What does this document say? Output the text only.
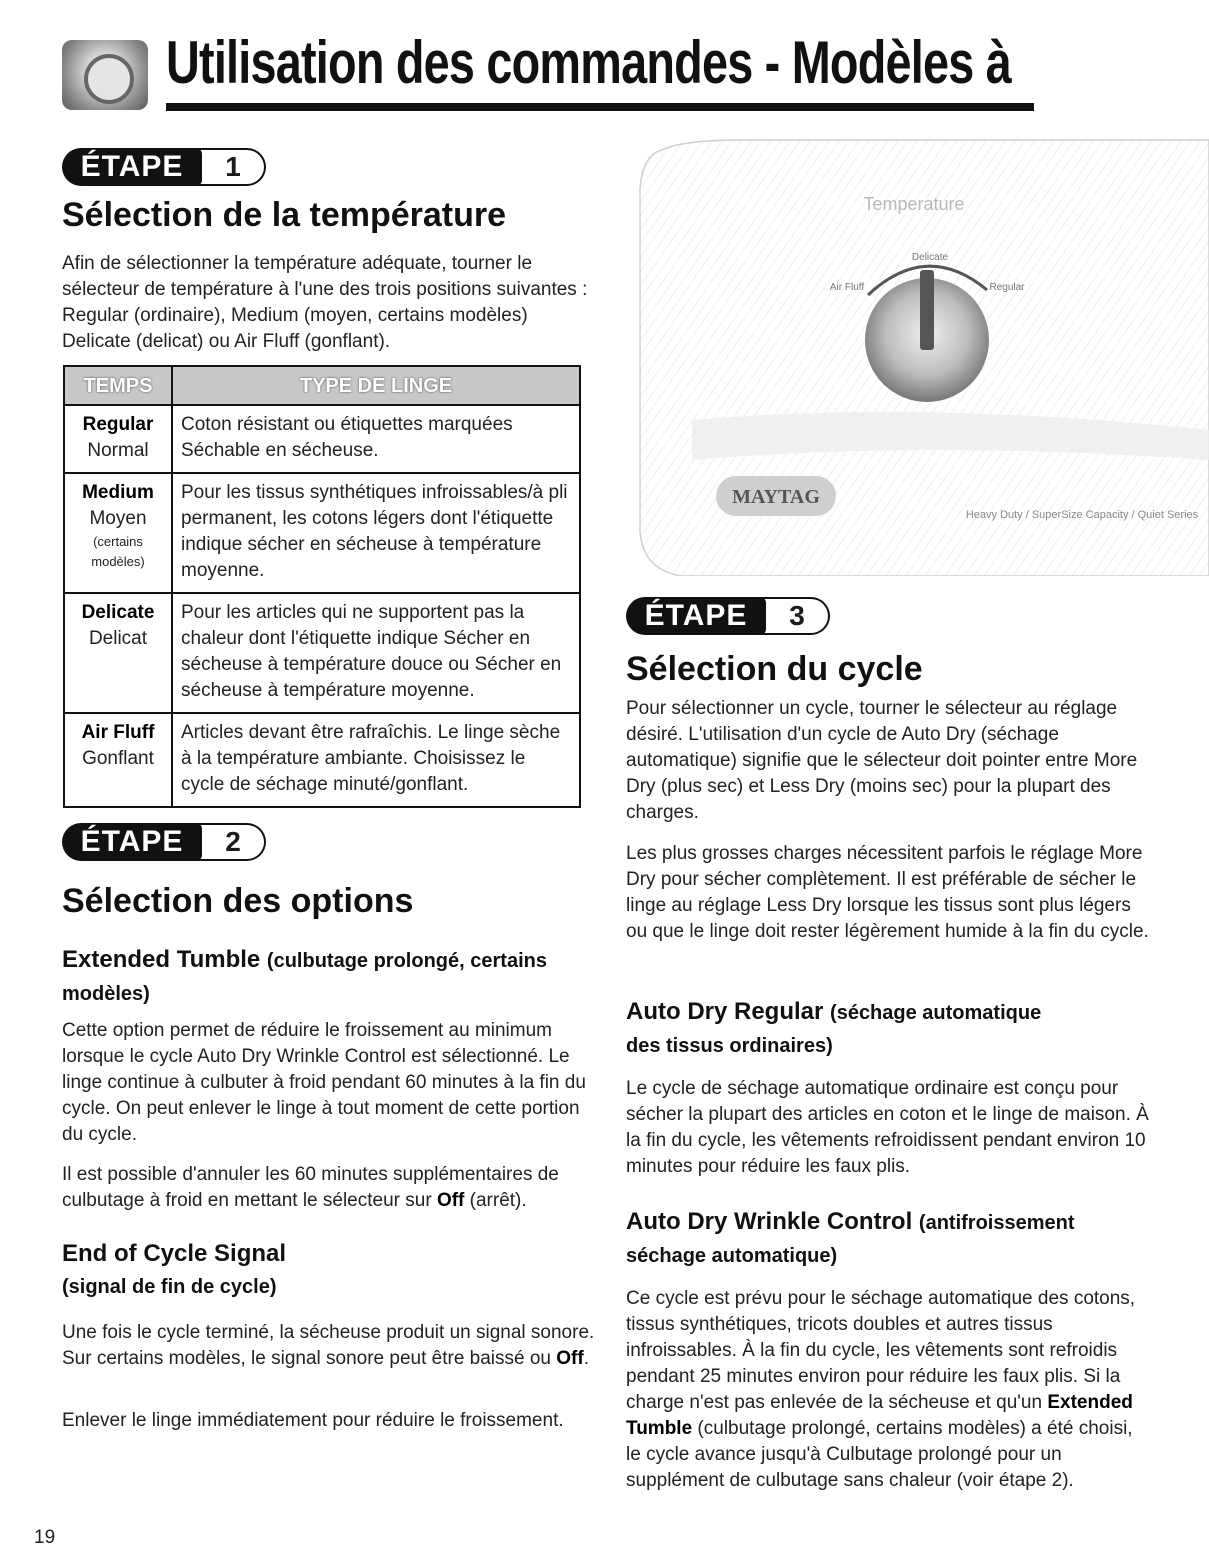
Utilisation des commandes - Modèles à
ÉTAPE	1
Sélection de la température

Afin de sélectionner la température adéquate, tourner le sélecteur de température à l'une des trois positions suivantes : Regular (ordinaire), Medium (moyen, certains modèles) Delicate (delicat) ou Air Fluff (gonflant).

TEMPS	TYPE DE LINGE

Regular
Normal	Coton résistant ou étiquettes marquées Séchable en sécheuse.

Medium
Moyen
(certains modèles)	Pour les tissus synthétiques infroissables/à pli permanent, les cotons légers dont l'étiquette indique sécher en sécheuse à température moyenne.

Delicate
Delicat	Pour les articles qui ne supportent pas la chaleur dont l'étiquette indique Sécher en sécheuse à température douce ou Sécher en sécheuse à température moyenne.

Air Fluff
Gonflant	Articles devant être rafraîchis. Le linge sèche à la température ambiante. Choisissez le cycle de séchage minuté/gonflant.
ÉTAPE	2
Sélection des options
Extended Tumble (culbutage prolongé, certains modèles)

Cette option permet de réduire le froissement au minimum lorsque le cycle Auto Dry Wrinkle Control est sélectionné. Le linge continue à culbuter à froid pendant 60 minutes à la fin du cycle. On peut enlever le linge à tout moment de cette portion du cycle.

Il est possible d'annuler les 60 minutes supplémentaires de culbutage à froid en mettant le sélecteur sur Off (arrêt).

End of Cycle Signal
(signal de fin de cycle)

Une fois le cycle terminé, la sécheuse produit un signal sonore. Sur certains modèles, le signal sonore peut être baissé ou Off.

Enlever le linge immédiatement pour réduire le froissement.

Temperature
Delicate
Air Fluff	Regular
MAYTAG
Heavy Duty / SuperSize Capacity / Quiet Series
ÉTAPE	3
Sélection du cycle

Pour sélectionner un cycle, tourner le sélecteur au réglage désiré. L'utilisation d'un cycle de Auto Dry (séchage automatique) signifie que le sélecteur doit pointer entre More Dry (plus sec) et Less Dry (moins sec) pour la plupart des charges.

Les plus grosses charges nécessitent parfois le réglage More Dry pour sécher complètement. Il est préférable de sécher le linge au réglage Less Dry lorsque les tissus sont plus légers ou que le linge doit rester légèrement humide à la fin du cycle.

Auto Dry Regular (séchage automatique
des tissus ordinaires)

Le cycle de séchage automatique ordinaire est conçu pour sécher la plupart des articles en coton et le linge de maison. À la fin du cycle, les vêtements refroidissent pendant environ 10 minutes pour réduire les faux plis.

Auto Dry Wrinkle Control (antifroissement
séchage automatique)

Ce cycle est prévu pour le séchage automatique des cotons, tissus synthétiques, tricots doubles et autres tissus infroissables. À la fin du cycle, les vêtements sont refroidis pendant 25 minutes environ pour réduire les faux plis. Si la charge n'est pas enlevée de la sécheuse et qu'un Extended Tumble (culbutage prolongé, certains modèles) a été choisi, le cycle avance jusqu'à Culbutage prolongé pour un supplément de culbutage sans chaleur (voir étape 2).

19
